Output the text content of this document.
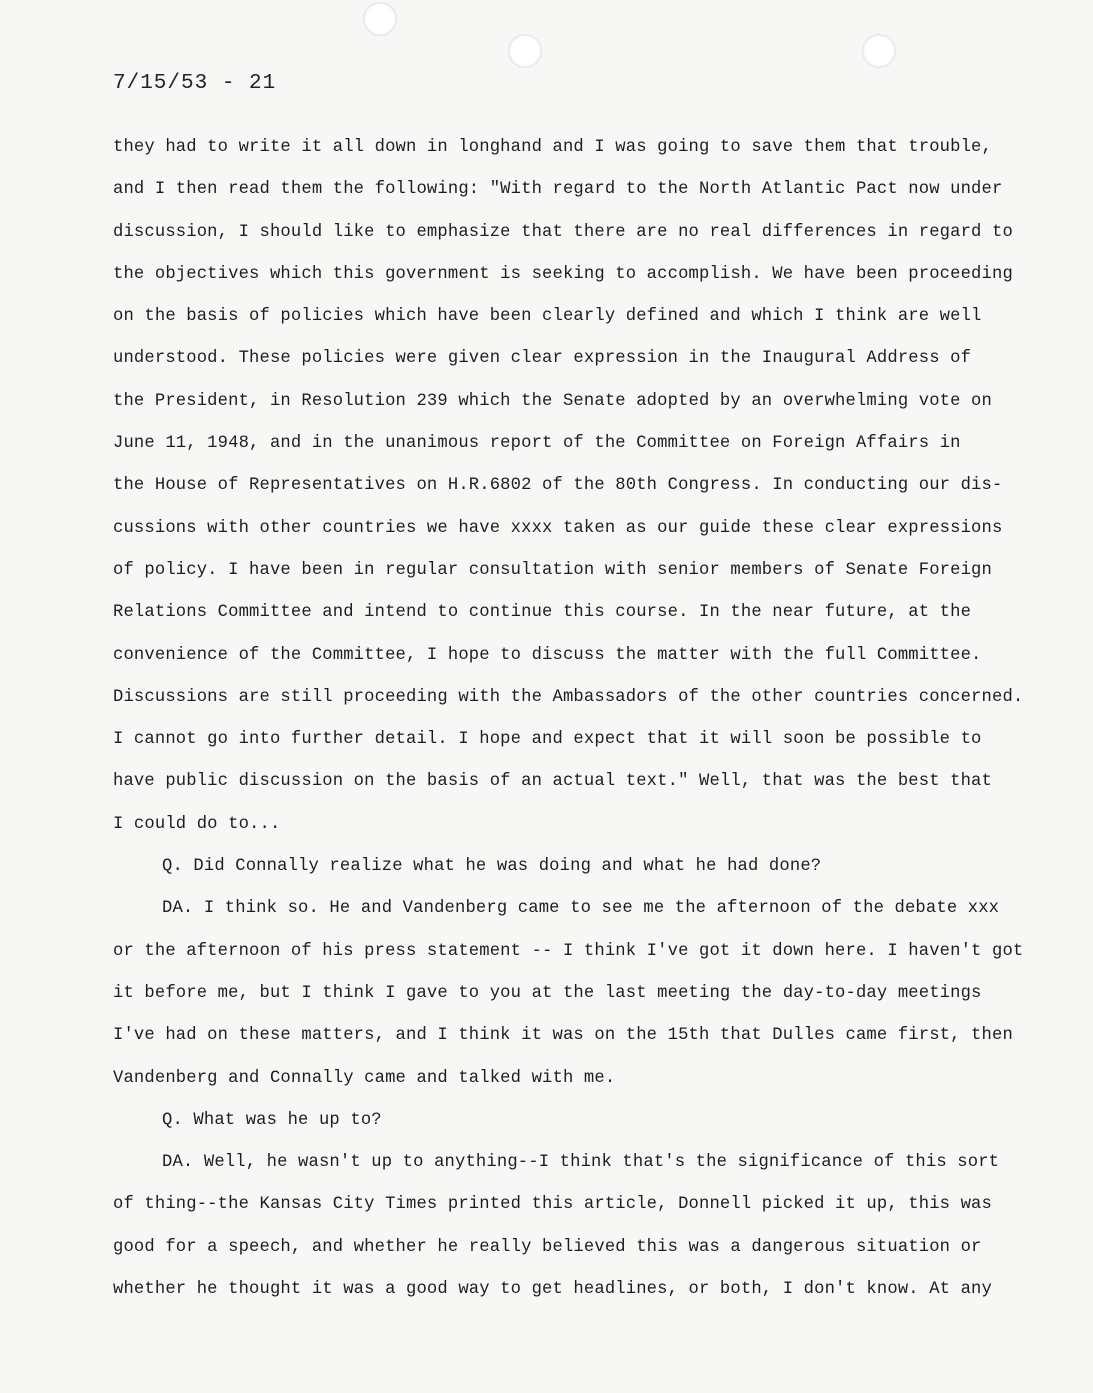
7/15/53 - 21
they had to write it all down in longhand and I was going to save them that trouble,
and I then read them the following: "With regard to the North Atlantic Pact now under
discussion, I should like to emphasize that there are no real differences in regard to
the objectives which this government is seeking to accomplish. We have been proceeding
on the basis of policies which have been clearly defined and which I think are well
understood. These policies were given clear expression in the Inaugural Address of
the President, in Resolution 239 which the Senate adopted by an overwhelming vote on
June 11, 1948, and in the unanimous report of the Committee on Foreign Affairs in
the House of Representatives on H.R.6802 of the 80th Congress. In conducting our dis-
cussions with other countries we have xxxx taken as our guide these clear expressions
of policy. I have been in regular consultation with senior members of Senate Foreign
Relations Committee and intend to continue this course. In the near future, at the
convenience of the Committee, I hope to discuss the matter with the full Committee.
Discussions are still proceeding with the Ambassadors of the other countries concerned.
I cannot go into further detail. I hope and expect that it will soon be possible to
have public discussion on the basis of an actual text." Well, that was the best that
I could do to...
Q. Did Connally realize what he was doing and what he had done?
DA. I think so. He and Vandenberg came to see me the afternoon of the debate xxx
or the afternoon of his press statement -- I think I've got it down here. I haven't got
it before me, but I think I gave to you at the last meeting the day-to-day meetings
I've had on these matters, and I think it was on the 15th that Dulles came first, then
Vandenberg and Connally came and talked with me.
Q. What was he up to?
DA. Well, he wasn't up to anything--I think that's the significance of this sort
of thing--the Kansas City Times printed this article, Donnell picked it up, this was
good for a speech, and whether he really believed this was a dangerous situation or
whether he thought it was a good way to get headlines, or both, I don't know. At any
